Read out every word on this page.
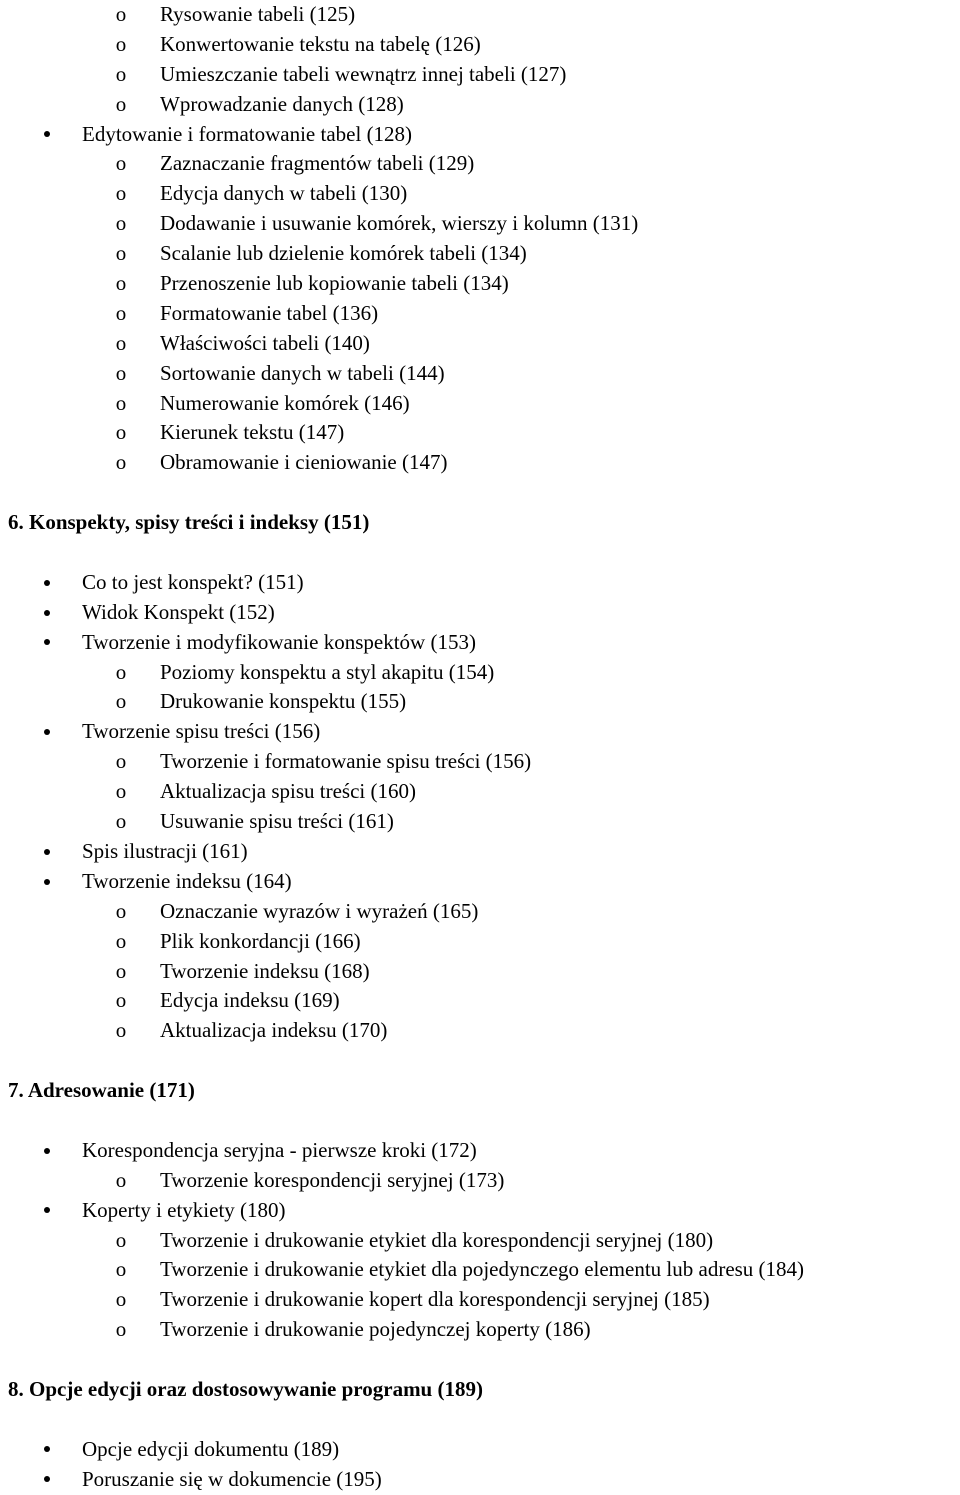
o Rysowanie tabeli (125)
o Konwertowanie tekstu na tabelę (126)
o Umieszczanie tabeli wewnątrz innej tabeli (127)
o Wprowadzanie danych (128)
Edytowanie i formatowanie tabel (128)
o Zaznaczanie fragmentów tabeli (129)
o Edycja danych w tabeli (130)
o Dodawanie i usuwanie komórek, wierszy i kolumn (131)
o Scalanie lub dzielenie komórek tabeli (134)
o Przenoszenie lub kopiowanie tabeli (134)
o Formatowanie tabel (136)
o Właściwości tabeli (140)
o Sortowanie danych w tabeli (144)
o Numerowanie komórek (146)
o Kierunek tekstu (147)
o Obramowanie i cieniowanie (147)
6. Konspekty, spisy treści i indeksy (151)
Co to jest konspekt? (151)
Widok Konspekt (152)
Tworzenie i modyfikowanie konspektów (153)
o Poziomy konspektu a styl akapitu (154)
o Drukowanie konspektu (155)
Tworzenie spisu treści (156)
o Tworzenie i formatowanie spisu treści (156)
o Aktualizacja spisu treści (160)
o Usuwanie spisu treści (161)
Spis ilustracji (161)
Tworzenie indeksu (164)
o Oznaczanie wyrazów i wyrażeń (165)
o Plik konkordancji (166)
o Tworzenie indeksu (168)
o Edycja indeksu (169)
o Aktualizacja indeksu (170)
7. Adresowanie (171)
Korespondencja seryjna - pierwsze kroki (172)
o Tworzenie korespondencji seryjnej (173)
Koperty i etykiety (180)
o Tworzenie i drukowanie etykiet dla korespondencji seryjnej (180)
o Tworzenie i drukowanie etykiet dla pojedynczego elementu lub adresu (184)
o Tworzenie i drukowanie kopert dla korespondencji seryjnej (185)
o Tworzenie i drukowanie pojedynczej koperty (186)
8. Opcje edycji oraz dostosowywanie programu (189)
Opcje edycji dokumentu (189)
Poruszanie się w dokumencie (195)
